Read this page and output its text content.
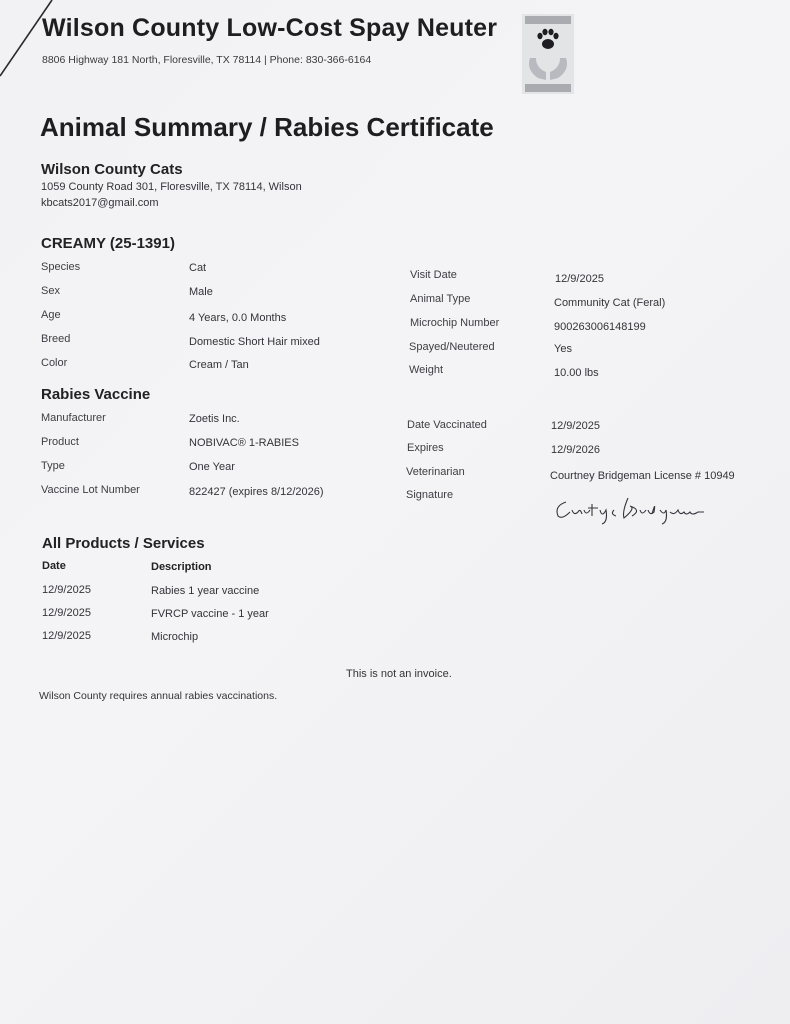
Wilson County Low-Cost Spay Neuter
8806 Highway 181 North, Floresville, TX 78114 | Phone: 830-366-6164
Animal Summary / Rabies Certificate
Wilson County Cats
1059 County Road 301, Floresville, TX 78114, Wilson
kbcats2017@gmail.com
CREAMY (25-1391)
Species	Cat
Sex	Male
Age	4 Years, 0.0 Months
Breed	Domestic Short Hair mixed
Color	Cream / Tan
Visit Date	12/9/2025
Animal Type	Community Cat (Feral)
Microchip Number	900263006148199
Spayed/Neutered	Yes
Weight	10.00 lbs
Rabies Vaccine
Manufacturer	Zoetis Inc.
Product	NOBIVAC® 1-RABIES
Type	One Year
Vaccine Lot Number	822427 (expires 8/12/2026)
Date Vaccinated	12/9/2025
Expires	12/9/2026
Veterinarian	Courtney Bridgeman License # 10949
Signature
All Products / Services
Date	Description
12/9/2025	Rabies 1 year vaccine
12/9/2025	FVRCP vaccine - 1 year
12/9/2025	Microchip
This is not an invoice.
Wilson County requires annual rabies vaccinations.
